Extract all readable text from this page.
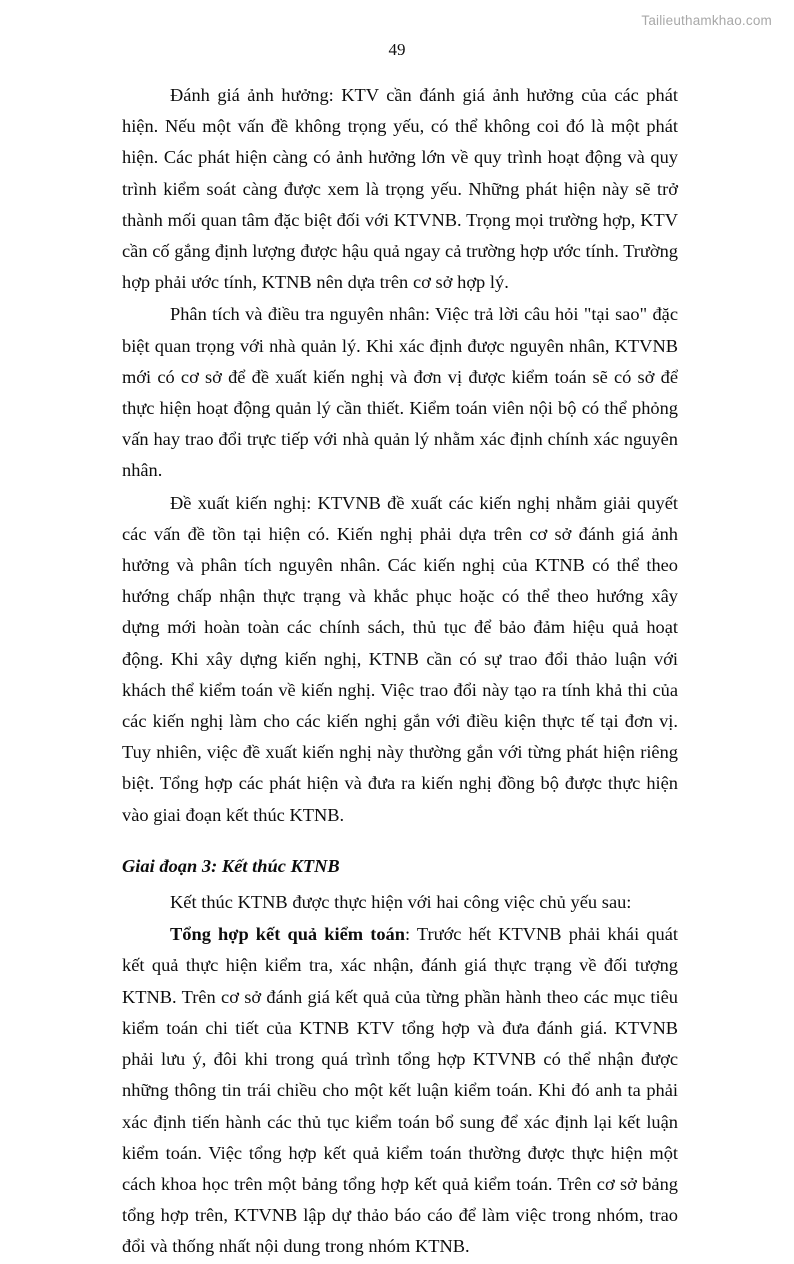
Tailieuthamkhao.com
49

Đánh giá ảnh hưởng: KTV cần đánh giá ảnh hưởng của các phát hiện. Nếu một vấn đề không trọng yếu, có thể không coi đó là một phát hiện. Các phát hiện càng có ảnh hưởng lớn về quy trình hoạt động và quy trình kiểm soát càng được xem là trọng yếu. Những phát hiện này sẽ trở thành mối quan tâm đặc biệt đối với KTVNB. Trọng mọi trường hợp, KTV cần cố gắng định lượng được hậu quả ngay cả trường hợp ước tính. Trường hợp phải ước tính, KTNB nên dựa trên cơ sở hợp lý.

Phân tích và điều tra nguyên nhân: Việc trả lời câu hỏi "tại sao" đặc biệt quan trọng với nhà quản lý. Khi xác định được nguyên nhân, KTVNB mới có cơ sở để đề xuất kiến nghị và đơn vị được kiểm toán sẽ có sở để thực hiện hoạt động quản lý cần thiết. Kiểm toán viên nội bộ có thể phỏng vấn hay trao đổi trực tiếp với nhà quản lý nhằm xác định chính xác nguyên nhân.

Đề xuất kiến nghị: KTVNB đề xuất các kiến nghị nhằm giải quyết các vấn đề tồn tại hiện có. Kiến nghị phải dựa trên cơ sở đánh giá ảnh hưởng và phân tích nguyên nhân. Các kiến nghị của KTNB có thể theo hướng chấp nhận thực trạng và khắc phục hoặc có thể theo hướng xây dựng mới hoàn toàn các chính sách, thủ tục để bảo đảm hiệu quả hoạt động. Khi xây dựng kiến nghị, KTNB cần có sự trao đổi thảo luận với khách thể kiểm toán về kiến nghị. Việc trao đổi này tạo ra tính khả thi của các kiến nghị làm cho các kiến nghị gắn với điều kiện thực tế tại đơn vị. Tuy nhiên, việc đề xuất kiến nghị này thường gắn với từng phát hiện riêng biệt. Tổng hợp các phát hiện và đưa ra kiến nghị đồng bộ được thực hiện vào giai đoạn kết thúc KTNB.

Giai đoạn 3: Kết thúc KTNB

Kết thúc KTNB được thực hiện với hai công việc chủ yếu sau:

Tổng hợp kết quả kiểm toán: Trước hết KTVNB phải khái quát kết quả thực hiện kiểm tra, xác nhận, đánh giá thực trạng về đối tượng KTNB. Trên cơ sở đánh giá kết quả của từng phần hành theo các mục tiêu kiểm toán chi tiết của KTNB KTV tổng hợp và đưa đánh giá. KTVNB phải lưu ý, đôi khi trong quá trình tổng hợp KTVNB có thể nhận được những thông tin trái chiều cho một kết luận kiểm toán. Khi đó anh ta phải xác định tiến hành các thủ tục kiểm toán bổ sung để xác định lại kết luận kiểm toán. Việc tổng hợp kết quả kiểm toán thường được thực hiện một cách khoa học trên một bảng tổng hợp kết quả kiểm toán. Trên cơ sở bảng tổng hợp trên, KTVNB lập dự thảo báo cáo để làm việc trong nhóm, trao đổi và thống nhất nội dung trong nhóm KTNB.
